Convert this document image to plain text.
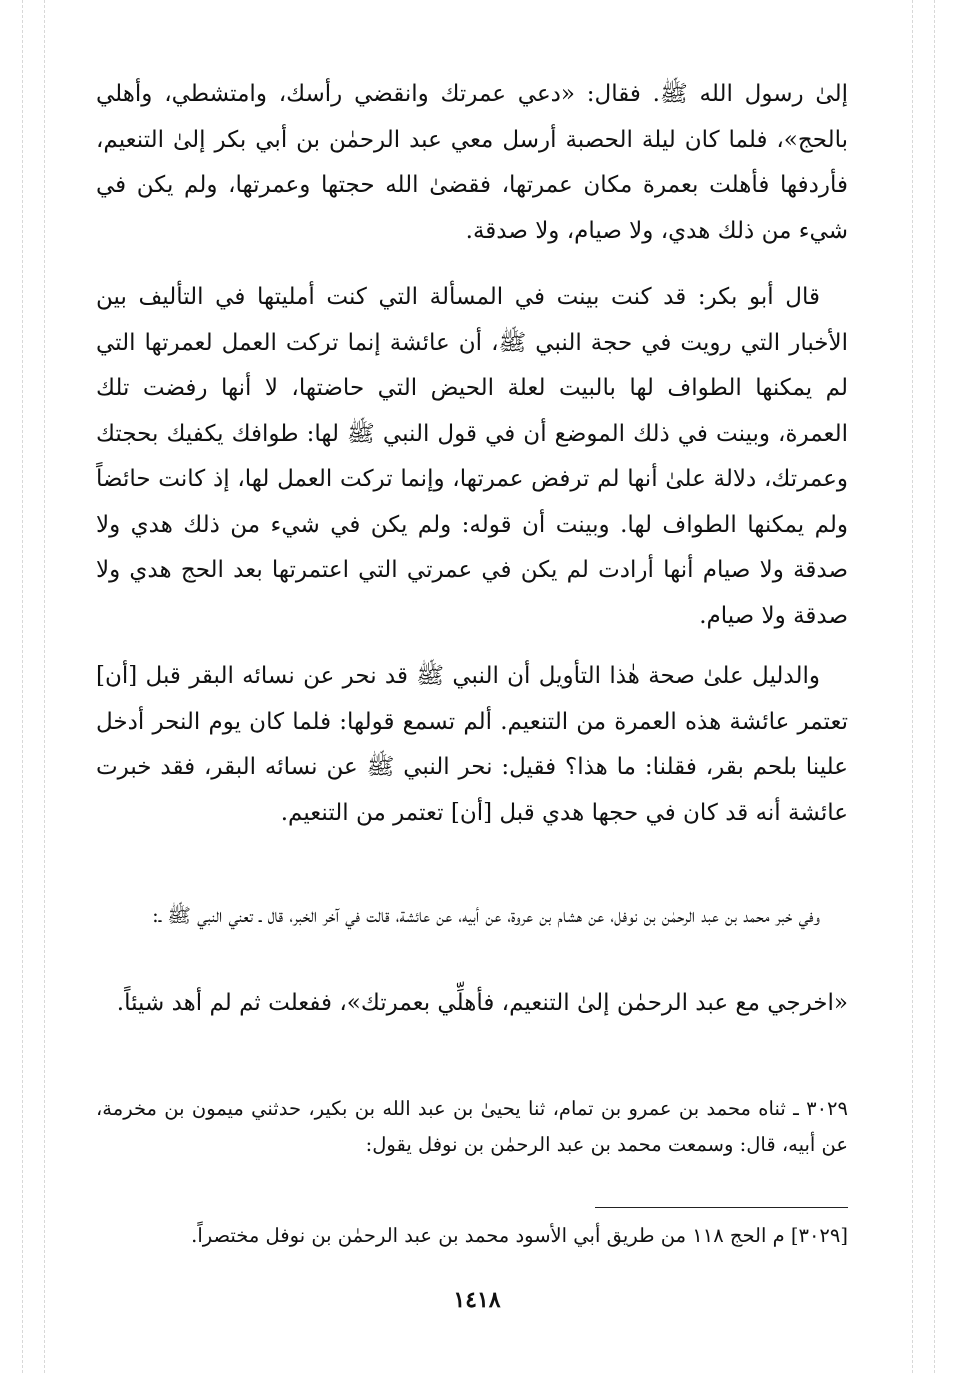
إلىٰ رسول الله ﷺ. فقال: «دعي عمرتك وانقضي رأسك، وامتشطي، وأهلي بالحج»، فلما كان ليلة الحصبة أرسل معي عبد الرحمٰن بن أبي بكر إلىٰ التنعيم، فأردفها فأهلت بعمرة مكان عمرتها، فقضىٰ الله حجتها وعمرتها، ولم يكن في شيء من ذلك هدي، ولا صيام، ولا صدقة.

قال أبو بكر: قد كنت بينت في المسألة التي كنت أمليتها في التأليف بين الأخبار التي رويت في حجة النبي ﷺ، أن عائشة إنما تركت العمل لعمرتها التي لم يمكنها الطواف لها بالبيت لعلة الحيض التي حاضتها، لا أنها رفضت تلك العمرة، وبينت في ذلك الموضع أن في قول النبي ﷺ لها: طوافك يكفيك بحجتك وعمرتك، دلالة علىٰ أنها لم ترفض عمرتها، وإنما تركت العمل لها، إذ كانت حائضاً ولم يمكنها الطواف لها. وبينت أن قوله: ولم يكن في شيء من ذلك هدي ولا صدقة ولا صيام أنها أرادت لم يكن في عمرتي التي اعتمرتها بعد الحج هدي ولا صدقة ولا صيام.

والدليل علىٰ صحة هٰذا التأويل أن النبي ﷺ قد نحر عن نسائه البقر قبل [أن] تعتمر عائشة هذه العمرة من التنعيم. ألم تسمع قولها: فلما كان يوم النحر أدخل علينا بلحم بقر، فقلنا: ما هذا؟ فقيل: نحر النبي ﷺ عن نسائه البقر، فقد خبرت عائشة أنه قد كان في حجها هدي قبل [أن] تعتمر من التنعيم.

وفي خبر محمد بن عبد الرحمٰن بن نوفل، عن هشام بن عروة، عن أبيه، عن عائشة، قالت في آخر الخبر، قال ـ تعني النبي ﷺ ـ:

«اخرجي مع عبد الرحمٰن إلىٰ التنعيم، فأهلِّي بعمرتك»، ففعلت ثم لم أهد شيئاً.

٣٠٢٩ ـ ثناه محمد بن عمرو بن تمام، ثنا يحيىٰ بن عبد الله بن بكير، حدثني ميمون بن مخرمة، عن أبيه، قال: وسمعت محمد بن عبد الرحمٰن بن نوفل يقول:

[٣٠٢٩] م الحج ١١٨ من طريق أبي الأسود محمد بن عبد الرحمٰن بن نوفل مختصراً.

١٤١٨
